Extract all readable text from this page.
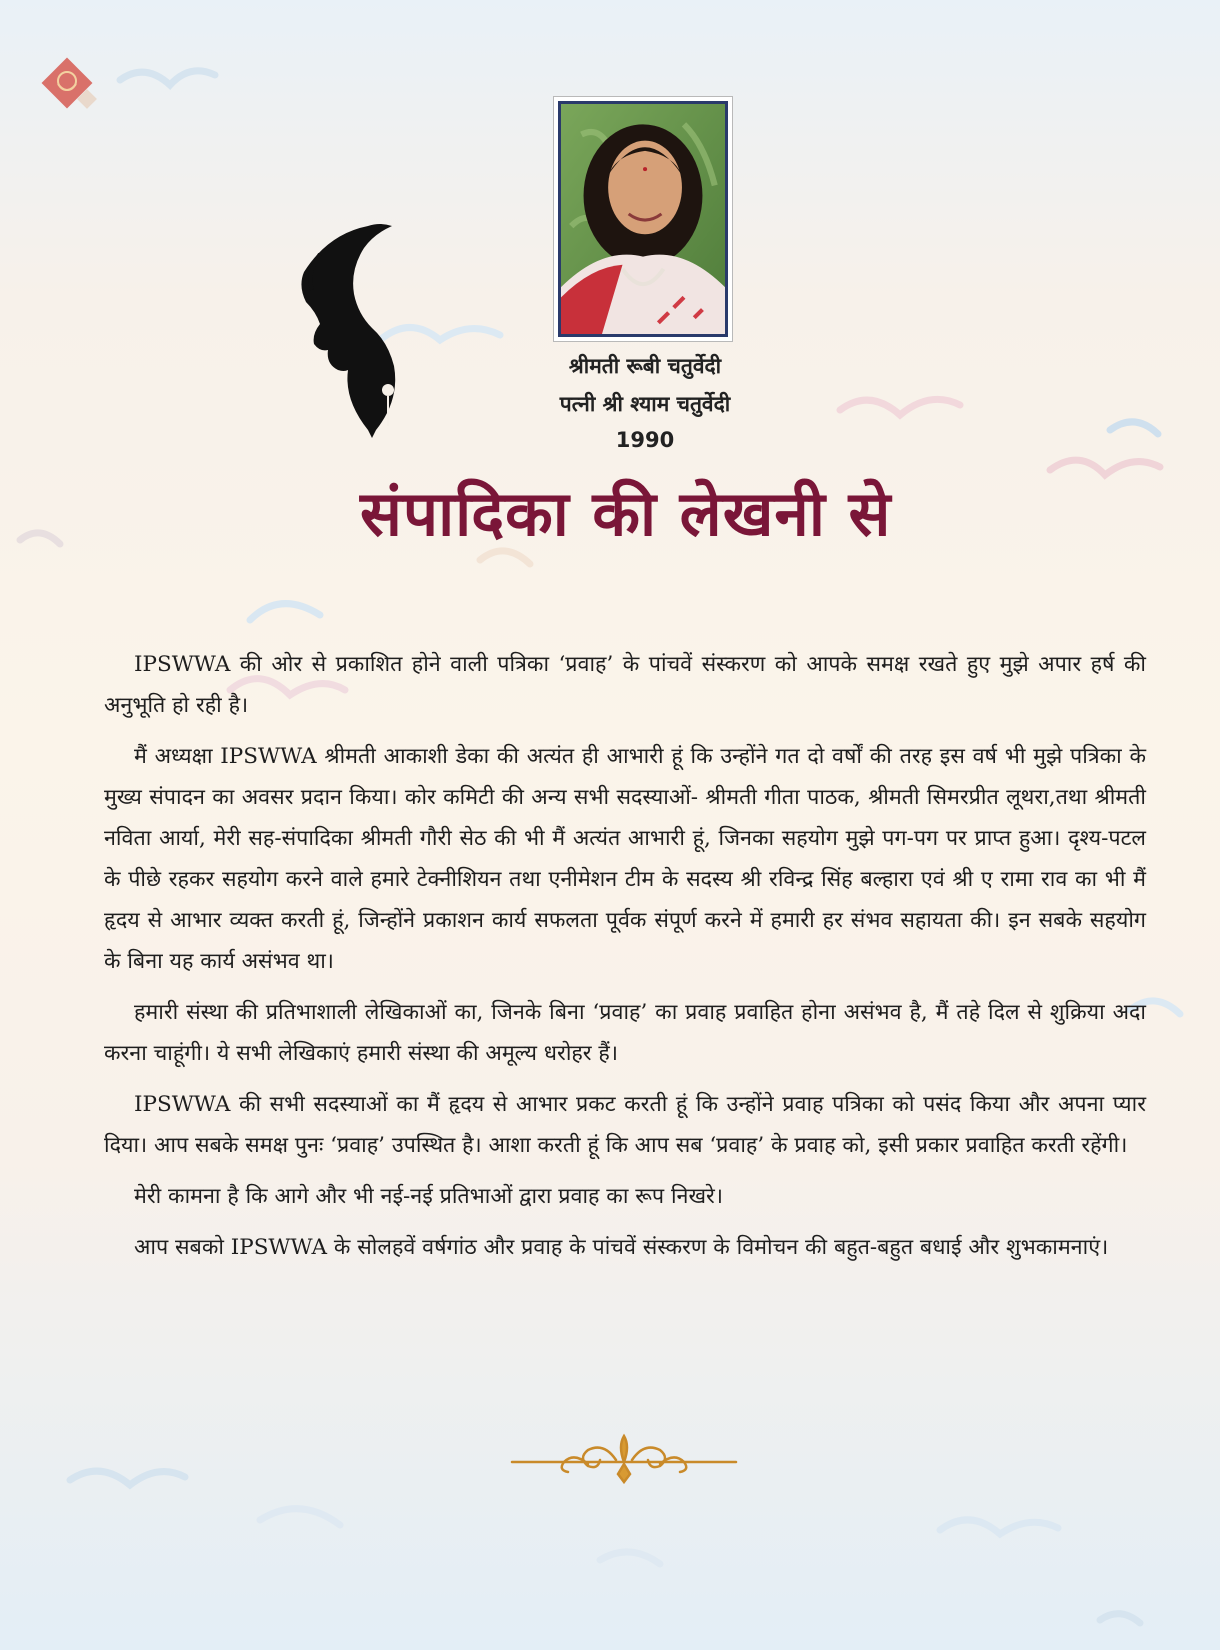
श्रीमती रूबी चतुर्वेदी
पत्नी श्री श्याम चतुर्वेदी
1990
संपादिका की लेखनी से

IPSWWA की ओर से प्रकाशित होने वाली पत्रिका ‘प्रवाह’ के पांचवें संस्करण को आपके समक्ष रखते हुए मुझे अपार हर्ष की अनुभूति हो रही है।

मैं अध्यक्षा IPSWWA श्रीमती आकाशी डेका की अत्यंत ही आभारी हूं कि उन्होंने गत दो वर्षों की तरह इस वर्ष भी मुझे पत्रिका के मुख्य संपादन का अवसर प्रदान किया। कोर कमिटी की अन्य सभी सदस्याओं- श्रीमती गीता पाठक, श्रीमती सिमरप्रीत लूथरा,तथा श्रीमती नविता आर्या, मेरी सह-संपादिका श्रीमती गौरी सेठ की भी मैं अत्यंत आभारी हूं, जिनका सहयोग मुझे पग-पग पर प्राप्त हुआ। दृश्य-पटल के पीछे रहकर सहयोग करने वाले हमारे टेक्नीशियन तथा एनीमेशन टीम के सदस्य श्री रविन्द्र सिंह बल्हारा एवं श्री ए रामा राव का भी मैं हृदय से आभार व्यक्त करती हूं, जिन्होंने प्रकाशन कार्य सफलता पूर्वक संपूर्ण करने में हमारी हर संभव सहायता की। इन सबके सहयोग के बिना यह कार्य असंभव था।

हमारी संस्था की प्रतिभाशाली लेखिकाओं का, जिनके बिना ‘प्रवाह’ का प्रवाह प्रवाहित होना असंभव है, मैं तहे दिल से शुक्रिया अदा करना चाहूंगी। ये सभी लेखिकाएं हमारी संस्था की अमूल्य धरोहर हैं।

IPSWWA की सभी सदस्याओं का मैं हृदय से आभार प्रकट करती हूं कि उन्होंने प्रवाह पत्रिका को पसंद किया और अपना प्यार दिया। आप सबके समक्ष पुनः ‘प्रवाह’ उपस्थित है। आशा करती हूं कि आप सब ‘प्रवाह’ के प्रवाह को, इसी प्रकार प्रवाहित करती रहेंगी।

मेरी कामना है कि आगे और भी नई-नई प्रतिभाओं द्वारा प्रवाह का रूप निखरे।

आप सबको IPSWWA के सोलहवें वर्षगांठ और प्रवाह के पांचवें संस्करण के विमोचन की बहुत-बहुत बधाई और शुभकामनाएं।
